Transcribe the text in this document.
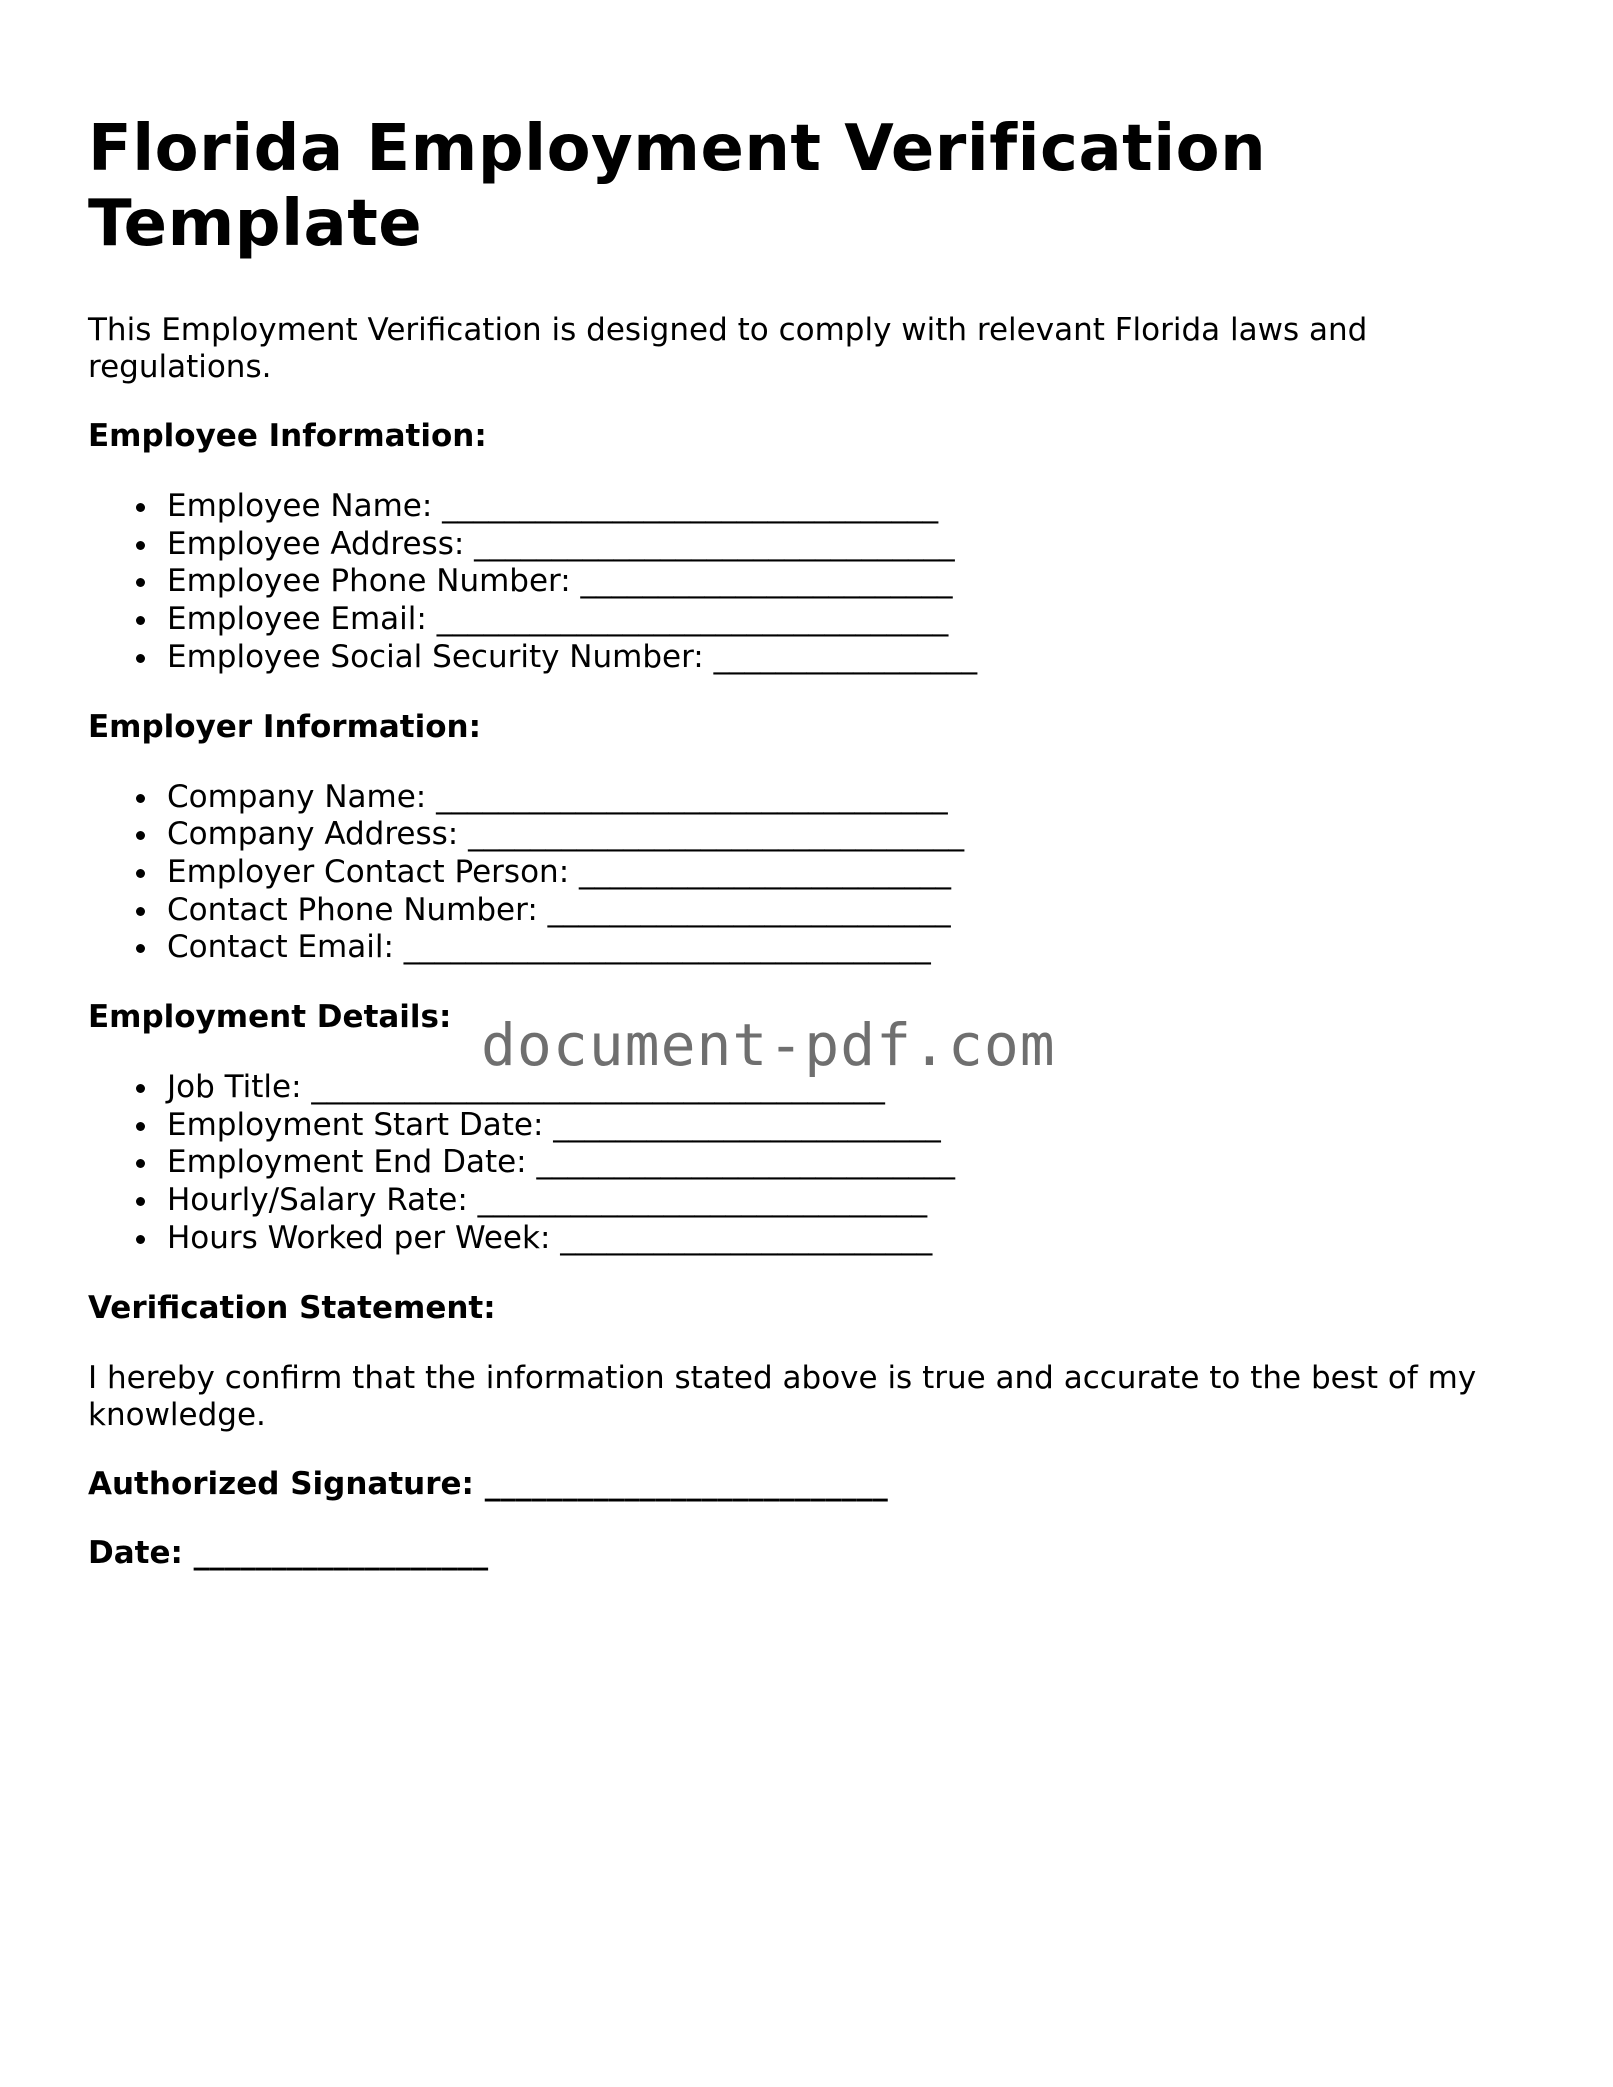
Florida Employment Verification Template

This Employment Verification is designed to comply with relevant Florida laws and regulations.

Employee Information:
Employee Name: ________________________________
Employee Address: _______________________________
Employee Phone Number: ________________________
Employee Email: _________________________________
Employee Social Security Number: _________________
Employer Information:
Company Name: _________________________________
Company Address: ________________________________
Employer Contact Person: ________________________
Contact Phone Number: __________________________
Contact Email: __________________________________
Employment Details:
Job Title: _____________________________________
Employment Start Date: _________________________
Employment End Date: ___________________________
Hourly/Salary Rate: _____________________________
Hours Worked per Week: ________________________
Verification Statement:

I hereby confirm that the information stated above is true and accurate to the best of my knowledge.

Authorized Signature: __________________________
Date: ___________________
document-pdf.com
